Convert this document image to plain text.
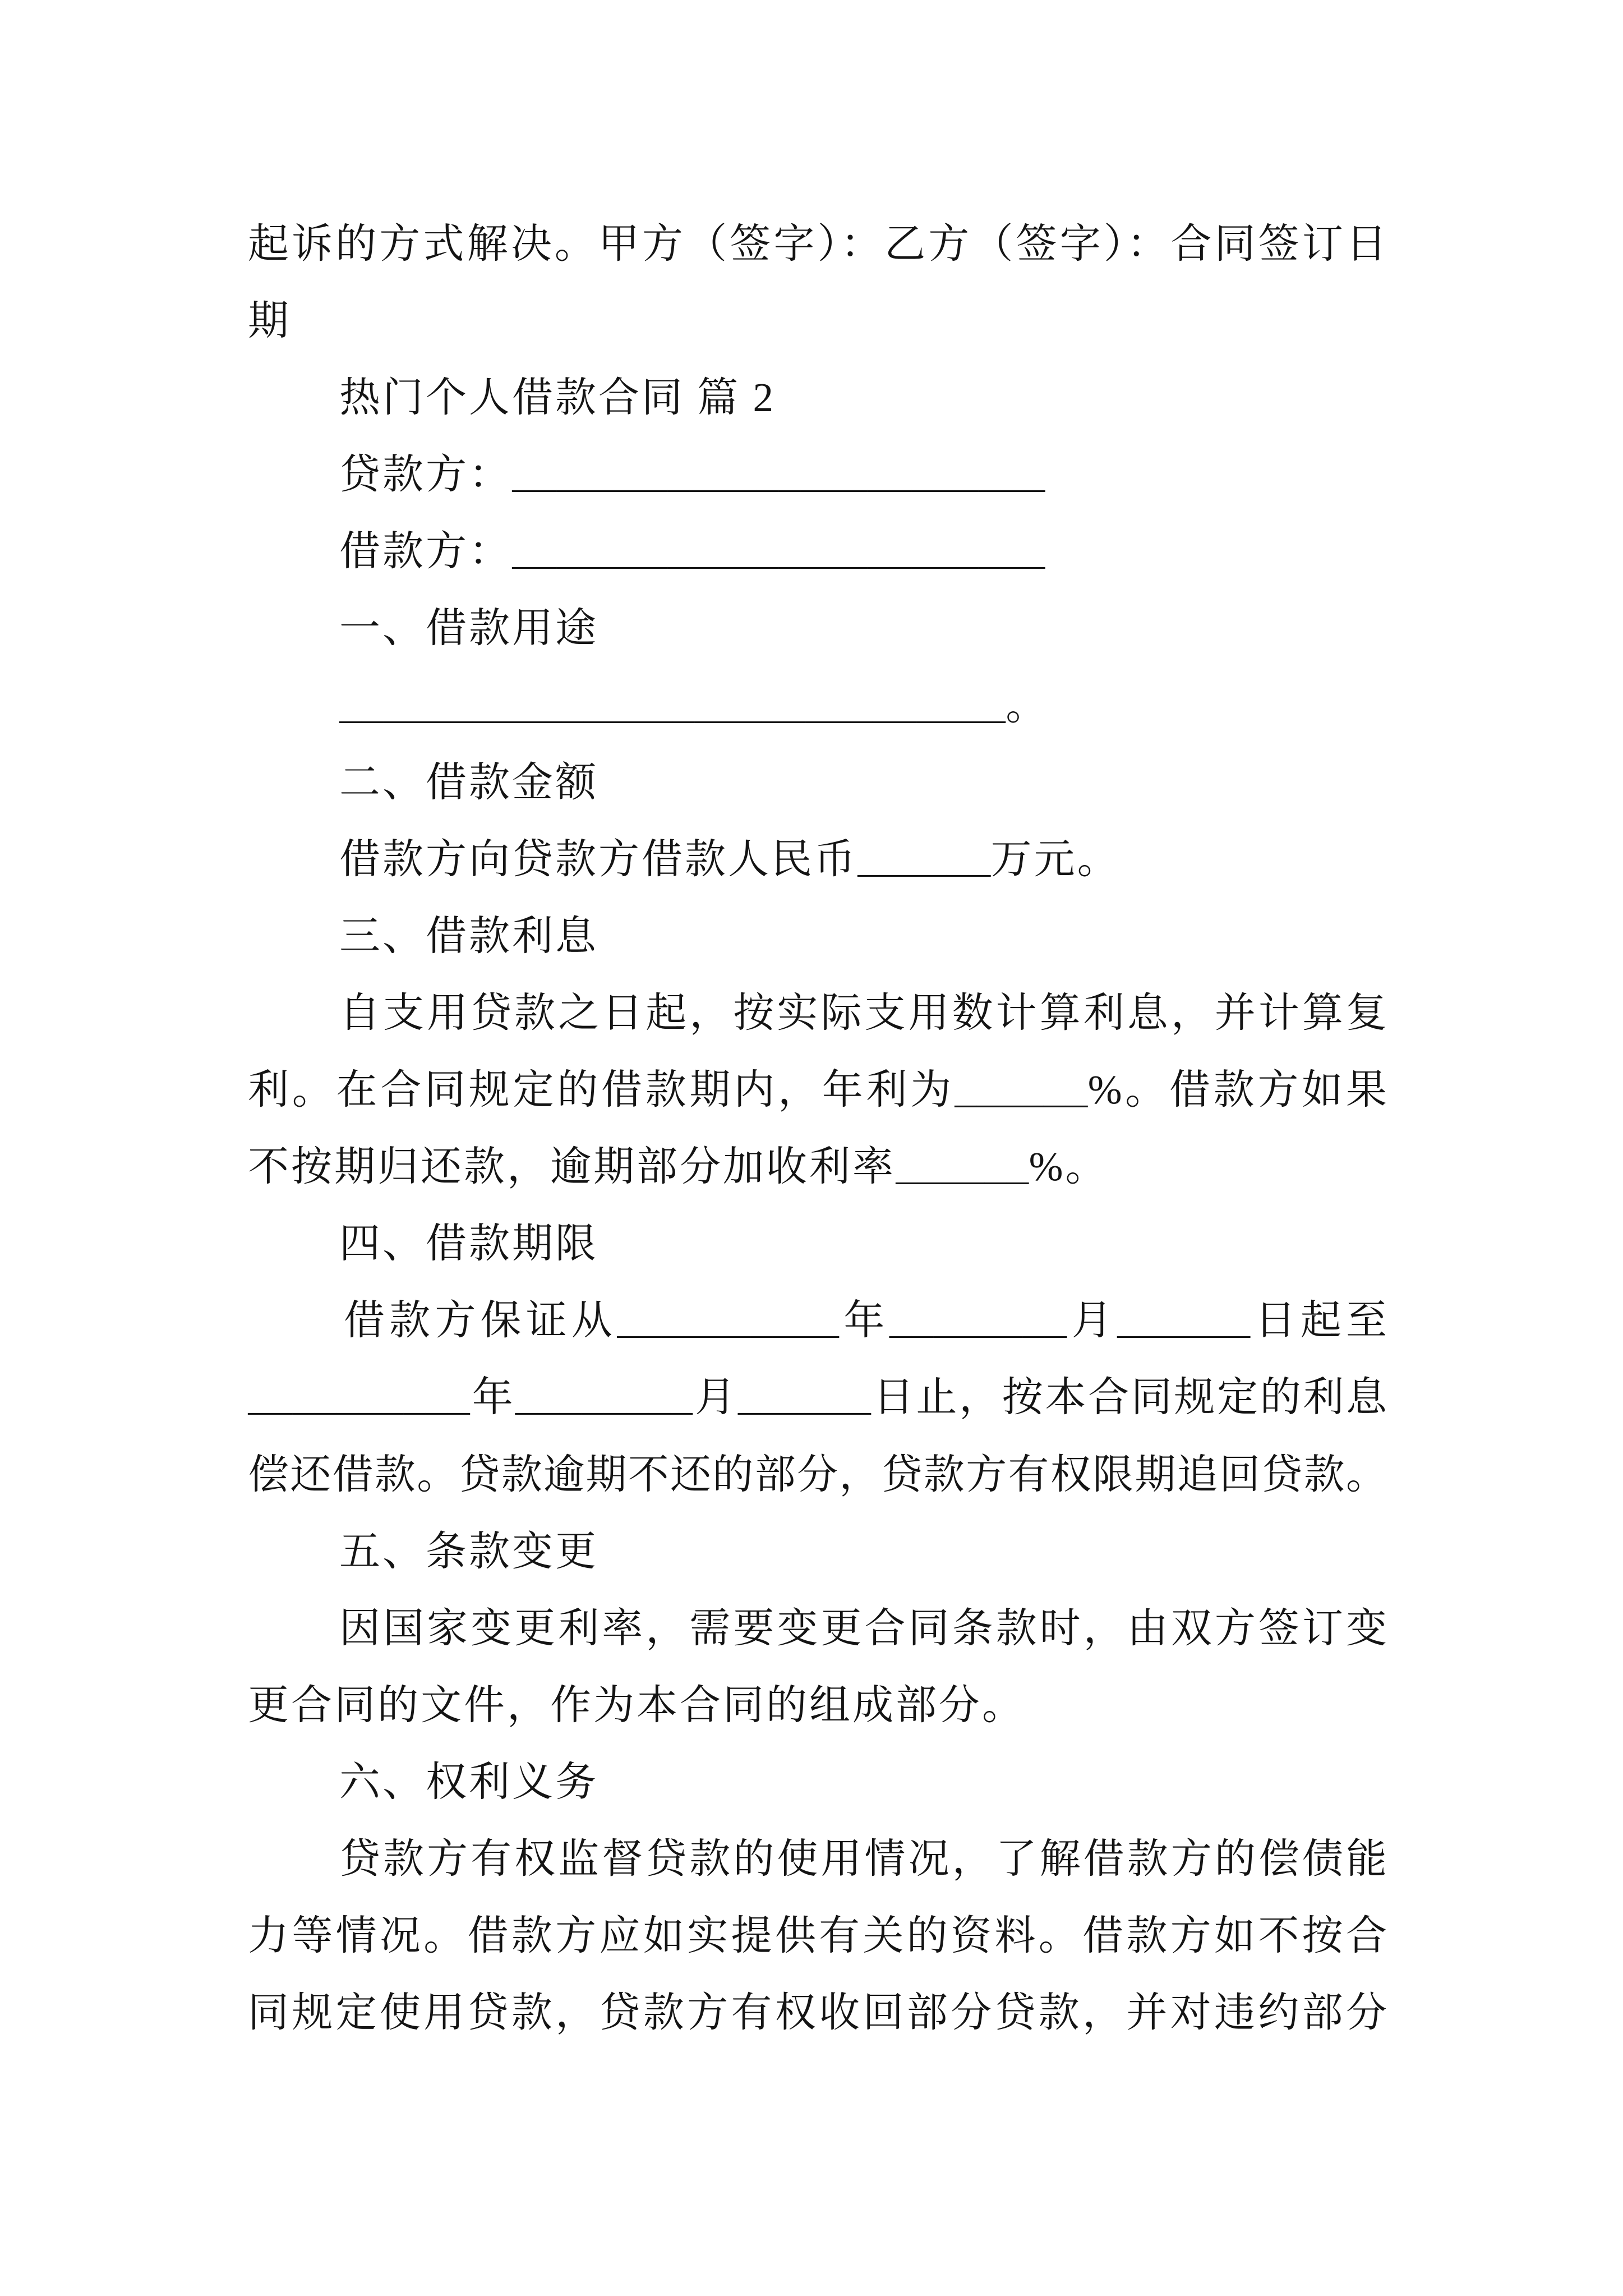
起诉的方式解决。甲方（签字）：乙方（签字）：合同签订日
期
热门个人借款合同 篇 2
贷款方：________________________
借款方：________________________
一、借款用途
______________________________。
二、借款金额
借款方向贷款方借款人民币______万元。
三、借款利息
自支用贷款之日起，按实际支用数计算利息，并计算复
利。在合同规定的借款期内，年利为______%。借款方如果
不按期归还款，逾期部分加收利率______%。
四、借款期限
借款方保证从__________年________月______日起至
__________年________月______日止，按本合同规定的利息
偿还借款。贷款逾期不还的部分，贷款方有权限期追回贷款。
五、条款变更
因国家变更利率，需要变更合同条款时，由双方签订变
更合同的文件，作为本合同的组成部分。
六、权利义务
贷款方有权监督贷款的使用情况，了解借款方的偿债能
力等情况。借款方应如实提供有关的资料。借款方如不按合
同规定使用贷款，贷款方有权收回部分贷款，并对违约部分
